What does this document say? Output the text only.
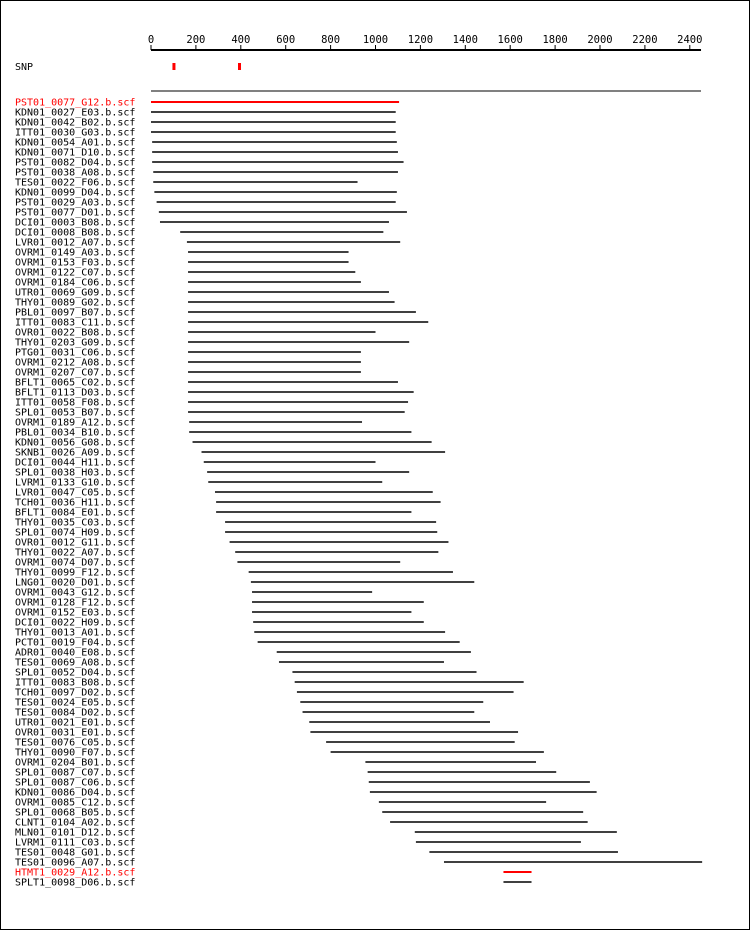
0	200 400 600 800 1000 1200 1400 1600 1800 2000 2200 2400
SNP
PST01_0077_G12.b.scf
KDN01_0027_E03.b.scf
KDN01_0042_B02.b.scf
ITT01_0030_G03.b.scf
KDN01_0054_A01.b.scf
KDN01_0071_D10.b.scf
PST01_0082_D04.b.scf
PST01_0038_A08.b.scf
TES01_0022_F06.b.scf
KDN01_0099_D04.b.scf
PST01_0029_A03.b.scf
PST01_0077_D01.b.scf
DCI01_0003_B08.b.scf
DCI01_0008_B08.b.scf
LVR01_0012_A07.b.scf
OVRM1_0149_A03.b.scf
OVRM1_0153_F03.b.scf
OVRM1_0122_C07.b.scf
OVRM1_0184_C06.b.scf
UTR01_0069_G09.b.scf
THY01_0089_G02.b.scf
PBL01_0097_B07.b.scf
ITT01_0083_C11.b.scf
OVR01_0022_B08.b.scf
THY01_0203_G09.b.scf
PTG01_0031_C06.b.scf
OVRM1_0212_A08.b.scf
OVRM1_0207_C07.b.scf
BFLT1_0065_C02.b.scf
BFLT1_0113_D03.b.scf
ITT01_0058_F08.b.scf
SPL01_0053_B07.b.scf
OVRM1_0189_A12.b.scf
PBL01_0034_B10.b.scf
KDN01_0056_G08.b.scf
SKNB1_0026_A09.b.scf
DCI01_0044_H11.b.scf
SPL01_0038_H03.b.scf
LVRM1_0133_G10.b.scf
LVR01_0047_C05.b.scf
TCH01_0036_H11.b.scf
BFLT1_0084_E01.b.scf
THY01_0035_C03.b.scf
SPL01_0074_H09.b.scf
OVR01_0012_G11.b.scf
THY01_0022_A07.b.scf
OVRM1_0074_D07.b.scf
THY01_0099_F12.b.scf
LNG01_0020_D01.b.scf
OVRM1_0043_G12.b.scf
OVRM1_0128_F12.b.scf
OVRM1_0152_E03.b.scf
DCI01_0022_H09.b.scf
THY01_0013_A01.b.scf
PCT01_0019_F04.b.scf
ADR01_0040_E08.b.scf
TES01_0069_A08.b.scf
SPL01_0052_D04.b.scf
ITT01_0083_B08.b.scf
TCH01_0097_D02.b.scf
TES01_0024_E05.b.scf
TES01_0084_D02.b.scf
UTR01_0021_E01.b.scf
OVR01_0031_E01.b.scf
TES01_0076_C05.b.scf
THY01_0090_F07.b.scf
OVRM1_0204_B01.b.scf
SPL01_0087_C07.b.scf
SPL01_0087_C06.b.scf
KDN01_0086_D04.b.scf
OVRM1_0085_C12.b.scf
SPL01_0068_B05.b.scf
CLNT1_0104_A02.b.scf
MLN01_0101_D12.b.scf
LVRM1_0111_C03.b.scf
TES01_0048_G01.b.scf
TES01_0096_A07.b.scf
HTMT1_0029_A12.b.scf
SPLT1_0098_D06.b.scf
